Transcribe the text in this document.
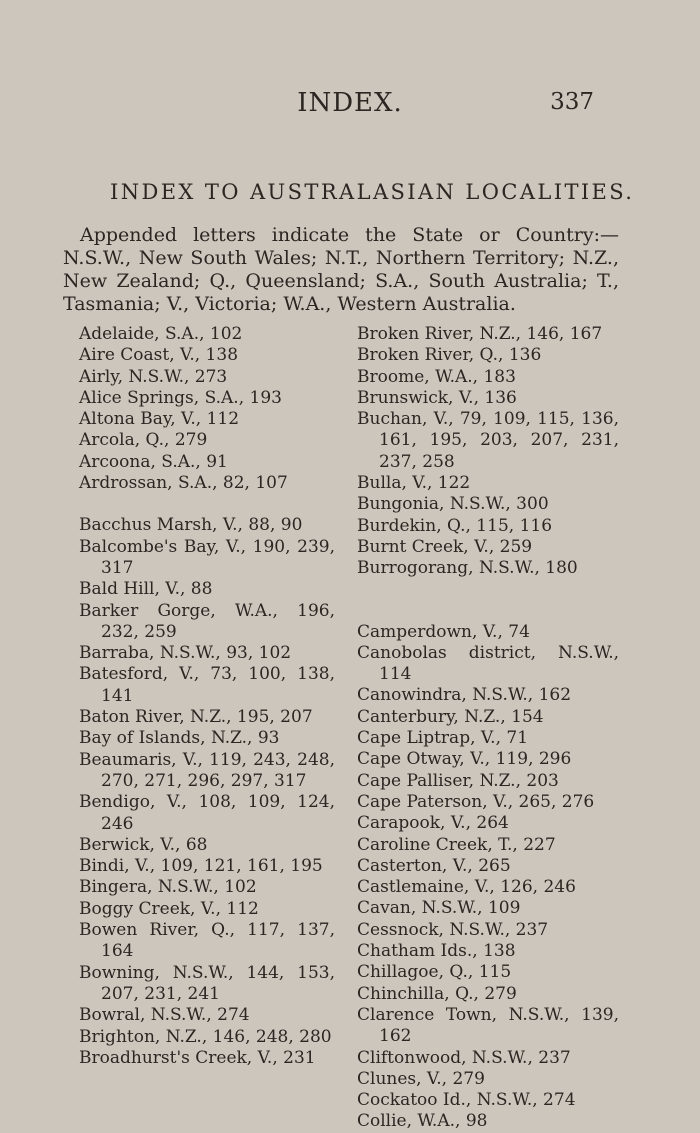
INDEX.	337
INDEX TO AUSTRALASIAN LOCALITIES.
Appended letters indicate the State or Country:— N.S.W., New South Wales; N.T., Northern Territory; N.Z., New Zealand; Q., Queensland; S.A., South Australia; T., Tasmania; V., Victoria; W.A., Western Australia.
Adelaide, S.A., 102
Aire Coast, V., 138
Airly, N.S.W., 273
Alice Springs, S.A., 193
Altona Bay, V., 112
Arcola, Q., 279
Arcoona, S.A., 91
Ardrossan, S.A., 82, 107
Bacchus Marsh, V., 88, 90
Balcombe's Bay, V., 190, 239, 317
Bald Hill, V., 88
Barker Gorge, W.A., 196, 232, 259
Barraba, N.S.W., 93, 102
Batesford, V., 73, 100, 138, 141
Baton River, N.Z., 195, 207
Bay of Islands, N.Z., 93
Beaumaris, V., 119, 243, 248, 270, 271, 296, 297, 317
Bendigo, V., 108, 109, 124, 246
Berwick, V., 68
Bindi, V., 109, 121, 161, 195
Bingera, N.S.W., 102
Boggy Creek, V., 112
Bowen River, Q., 117, 137, 164
Bowning, N.S.W., 144, 153, 207, 231, 241
Bowral, N.S.W., 274
Brighton, N.Z., 146, 248, 280
Broadhurst's Creek, V., 231
Broken River, N.Z., 146, 167
Broken River, Q., 136
Broome, W.A., 183
Brunswick, V., 136
Buchan, V., 79, 109, 115, 136, 161, 195, 203, 207, 231, 237, 258
Bulla, V., 122
Bungonia, N.S.W., 300
Burdekin, Q., 115, 116
Burnt Creek, V., 259
Burrogorang, N.S.W., 180
Camperdown, V., 74
Canobolas district, N.S.W., 114
Canowindra, N.S.W., 162
Canterbury, N.Z., 154
Cape Liptrap, V., 71
Cape Otway, V., 119, 296
Cape Palliser, N.Z., 203
Cape Paterson, V., 265, 276
Carapook, V., 264
Caroline Creek, T., 227
Casterton, V., 265
Castlemaine, V., 126, 246
Cavan, N.S.W., 109
Cessnock, N.S.W., 237
Chatham Ids., 138
Chillagoe, Q., 115
Chinchilla, Q., 279
Clarence Town, N.S.W., 139, 162
Cliftonwood, N.S.W., 237
Clunes, V., 279
Cockatoo Id., N.S.W., 274
Collie, W.A., 98
